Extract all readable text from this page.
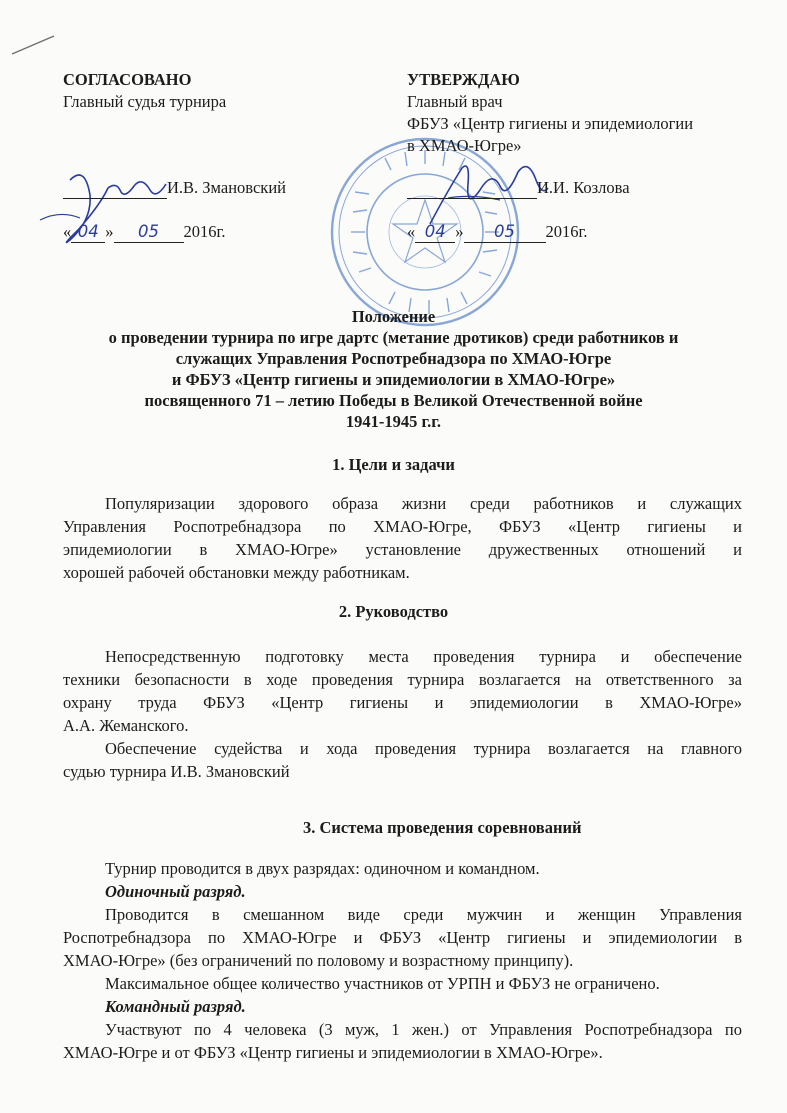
СОГЛАСОВАНО
Главный судья турнира
И.В. Змановский
« 04 » 05 2016г.
УТВЕРЖДАЮ
Главный врач
ФБУЗ «Центр гигиены и эпидемиологии
в ХМАО-Югре»
И.И. Козлова
« 04 » 05 2016г.
Положение
о проведении турнира по игре дартс (метание дротиков) среди работников и
служащих Управления Роспотребнадзора по ХМАО-Югре
и ФБУЗ «Центр гигиены и эпидемиологии в ХМАО-Югре»
посвященного 71 – летию Победы в Великой Отечественной войне
1941-1945 г.г.
1. Цели и задачи
Популяризации здорового образа жизни среди работников и служащих
Управления Роспотребнадзора по ХМАО-Югре, ФБУЗ «Центр гигиены и
эпидемиологии в ХМАО-Югре» установление дружественных отношений и
хорошей рабочей обстановки между работникам.
2. Руководство
Непосредственную подготовку места проведения турнира и обеспечение
техники безопасности в ходе проведения турнира возлагается на ответственного за
охрану труда ФБУЗ «Центр гигиены и эпидемиологии в ХМАО-Югре»
А.А. Жеманского.
Обеспечение судейства и хода проведения турнира возлагается на главного
судью турнира И.В. Змановский
3. Система проведения соревнований
Турнир проводится в двух разрядах: одиночном и командном.
Одиночный разряд.
Проводится в смешанном виде среди мужчин и женщин Управления
Роспотребнадзора по ХМАО-Югре и ФБУЗ «Центр гигиены и эпидемиологии в
ХМАО-Югре» (без ограничений по половому и возрастному принципу).
Максимальное общее количество участников от УРПН и ФБУЗ не ограничено.
Командный разряд.
Участвуют по 4 человека (3 муж, 1 жен.) от Управления Роспотребнадзора по
ХМАО-Югре и от ФБУЗ «Центр гигиены и эпидемиологии в ХМАО-Югре».
